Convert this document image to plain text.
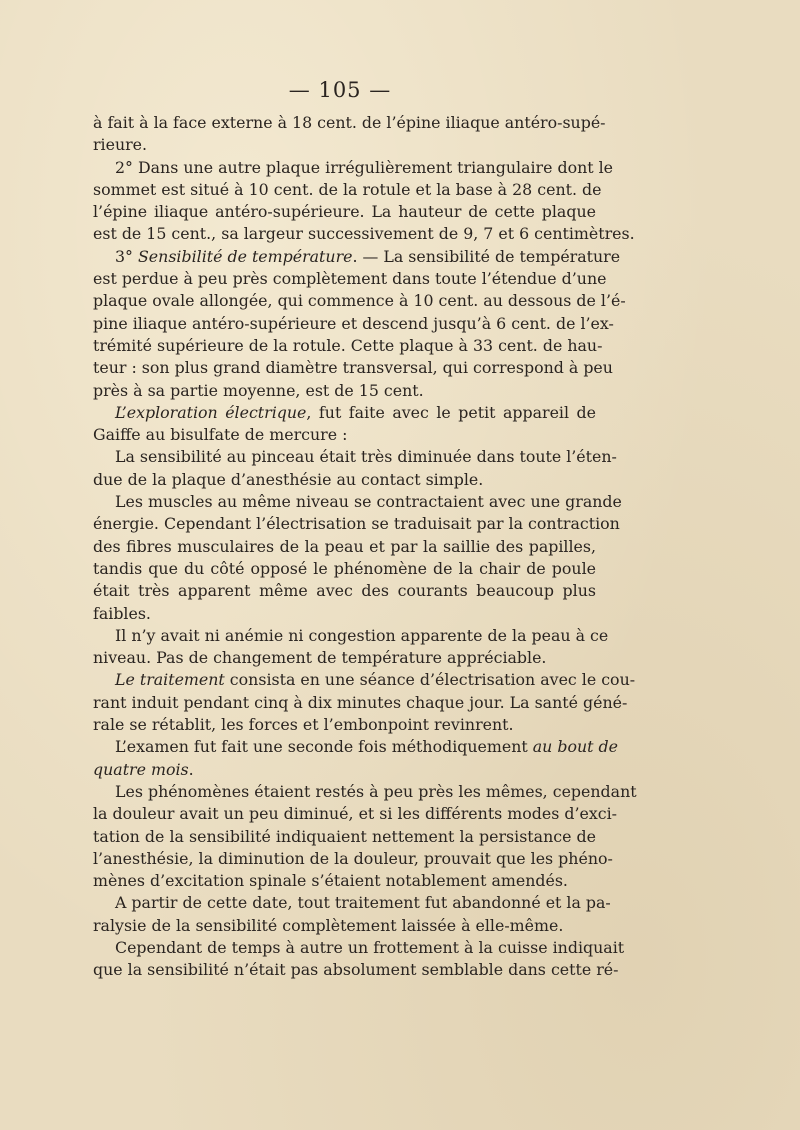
— 105 —
à fait à la face externe à 18 cent. de l’épine iliaque antéro-supé-
rieure.
2° Dans une autre plaque irrégulièrement triangulaire dont le
sommet est situé à 10 cent. de la rotule et la base à 28 cent. de
l’épine iliaque antéro-supérieure. La hauteur de cette plaque
est de 15 cent., sa largeur successivement de 9, 7 et 6 centimètres.
3° Sensibilité de température. — La sensibilité de température
est perdue à peu près complètement dans toute l’étendue d’une
plaque ovale allongée, qui commence à 10 cent. au dessous de l’é-
pine iliaque antéro-supérieure et descend jusqu’à 6 cent. de l’ex-
trémité supérieure de la rotule. Cette plaque à 33 cent. de hau-
teur : son plus grand diamètre transversal, qui correspond à peu
près à sa partie moyenne, est de 15 cent.
L’exploration électrique, fut faite avec le petit appareil de
Gaiffe au bisulfate de mercure :
La sensibilité au pinceau était très diminuée dans toute l’éten-
due de la plaque d’anesthésie au contact simple.
Les muscles au même niveau se contractaient avec une grande
énergie. Cependant l’électrisation se traduisait par la contraction
des fibres musculaires de la peau et par la saillie des papilles,
tandis que du côté opposé le phénomène de la chair de poule
était très apparent même avec des courants beaucoup plus
faibles.
Il n’y avait ni anémie ni congestion apparente de la peau à ce
niveau. Pas de changement de température appréciable.
Le traitement consista en une séance d’électrisation avec le cou-
rant induit pendant cinq à dix minutes chaque jour. La santé géné-
rale se rétablit, les forces et l’embonpoint revinrent.
L’examen fut fait une seconde fois méthodiquement au bout de
quatre mois.
Les phénomènes étaient restés à peu près les mêmes, cependant
la douleur avait un peu diminué, et si les différents modes d’exci-
tation de la sensibilité indiquaient nettement la persistance de
l’anesthésie, la diminution de la douleur, prouvait que les phéno-
mènes d’excitation spinale s’étaient notablement amendés.
A partir de cette date, tout traitement fut abandonné et la pa-
ralysie de la sensibilité complètement laissée à elle-même.
Cependant de temps à autre un frottement à la cuisse indiquait
que la sensibilité n’était pas absolument semblable dans cette ré-
